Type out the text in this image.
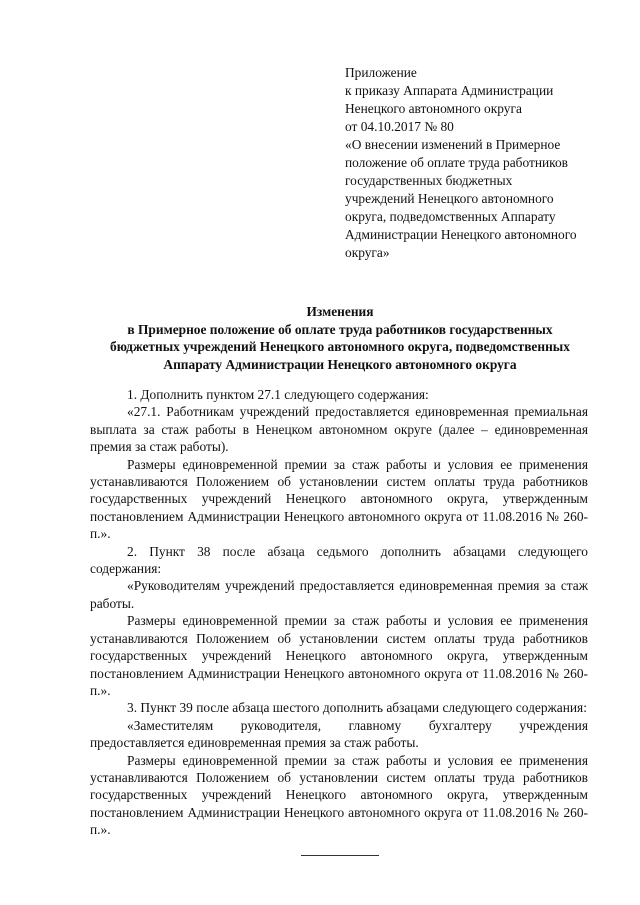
Приложение
к приказу Аппарата Администрации
Ненецкого автономного округа
от 04.10.2017 № 80
«О внесении изменений в Примерное
положение об оплате труда работников
государственных бюджетных
учреждений Ненецкого автономного
округа, подведомственных Аппарату
Администрации Ненецкого автономного
округа»
Изменения
в Примерное положение об оплате труда работников государственных
бюджетных учреждений Ненецкого автономного округа, подведомственных
Аппарату Администрации Ненецкого автономного округа

1. Дополнить пунктом 27.1 следующего содержания:

«27.1. Работникам учреждений предоставляется единовременная премиальная выплата за стаж работы в Ненецком автономном округе (далее – единовременная премия за стаж работы).

Размеры единовременной премии за стаж работы и условия ее применения устанавливаются Положением об установлении систем оплаты труда работников государственных учреждений Ненецкого автономного округа, утвержденным постановлением Администрации Ненецкого автономного округа от 11.08.2016 № 260-п.».

2. Пункт 38 после абзаца седьмого дополнить абзацами следующего содержания:

«Руководителям учреждений предоставляется единовременная премия за стаж работы.

Размеры единовременной премии за стаж работы и условия ее применения устанавливаются Положением об установлении систем оплаты труда работников государственных учреждений Ненецкого автономного округа, утвержденным постановлением Администрации Ненецкого автономного округа от 11.08.2016 № 260-п.».

3. Пункт 39 после абзаца шестого дополнить абзацами следующего содержания:

«Заместителям руководителя, главному бухгалтеру учреждения предоставляется единовременная премия за стаж работы.

Размеры единовременной премии за стаж работы и условия ее применения устанавливаются Положением об установлении систем оплаты труда работников государственных учреждений Ненецкого автономного округа, утвержденным постановлением Администрации Ненецкого автономного округа от 11.08.2016 № 260-п.».
